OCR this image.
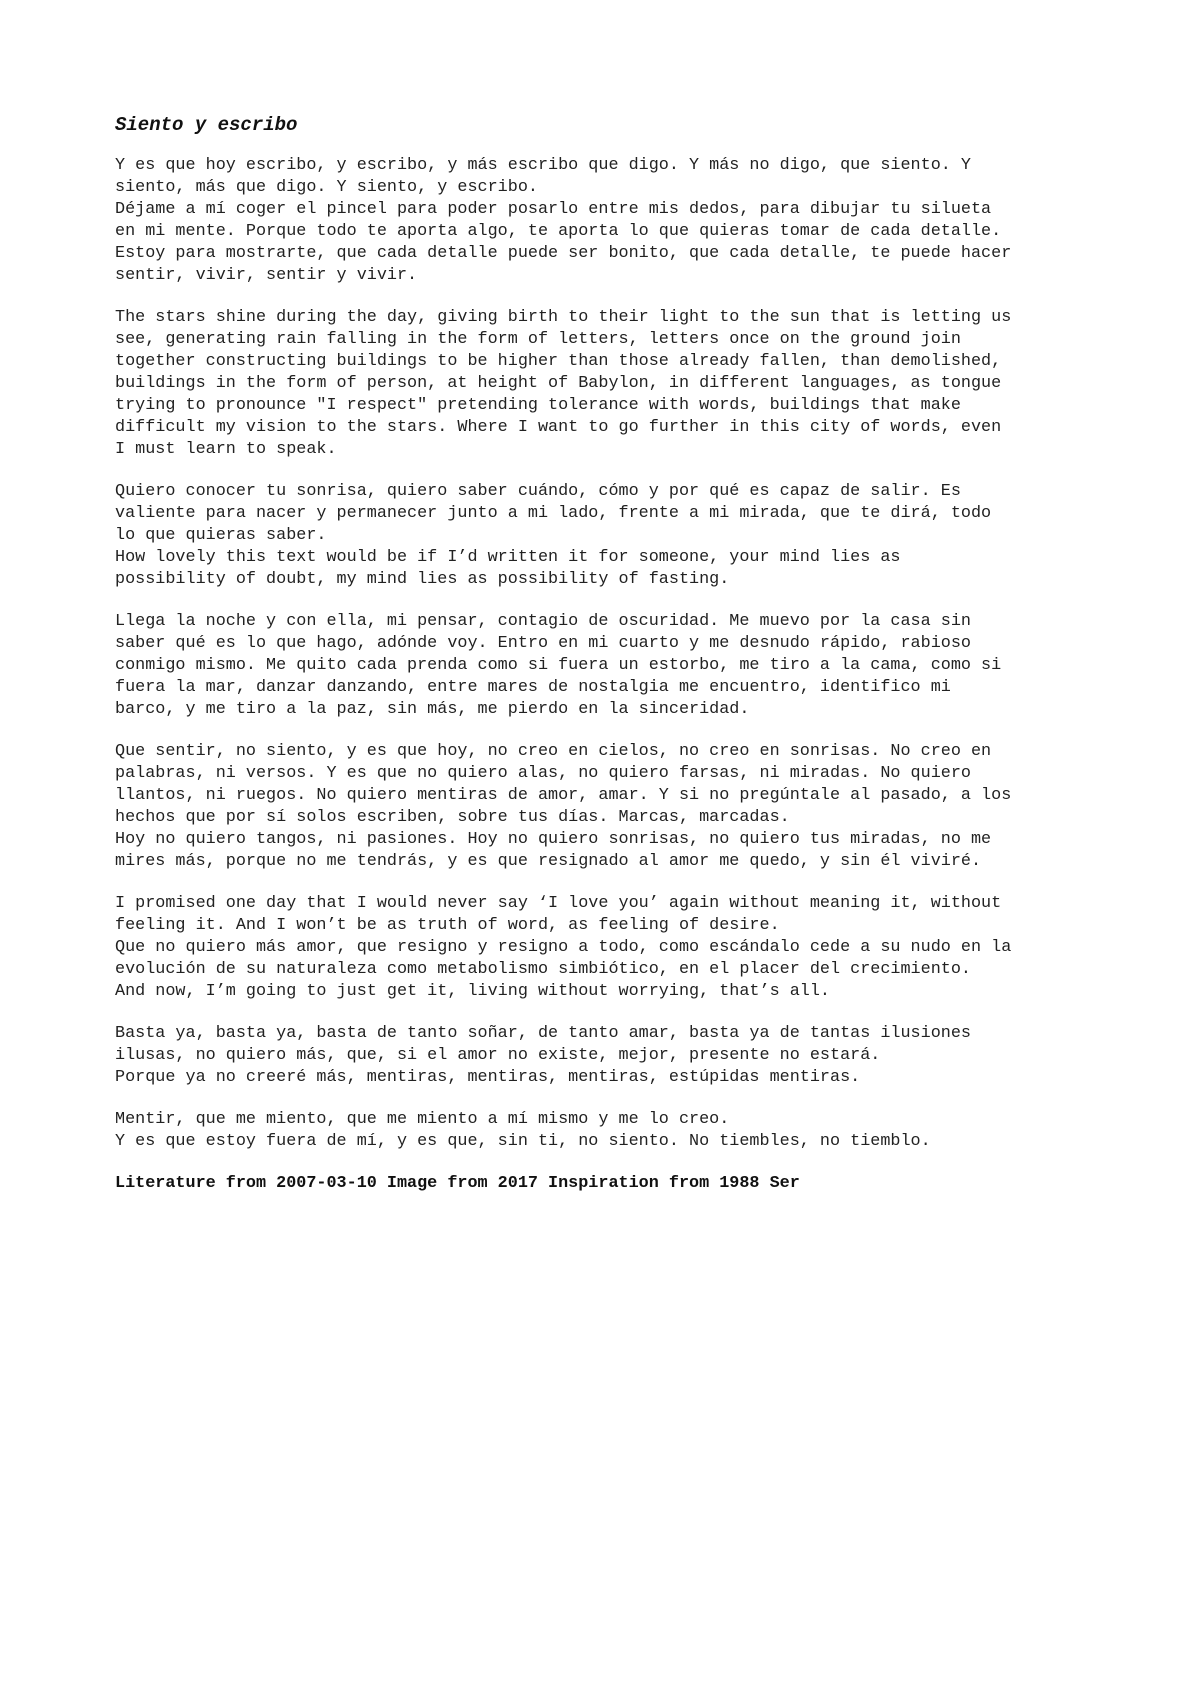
Siento y escribo
Y es que hoy escribo, y escribo, y más escribo que digo. Y más no digo, que siento. Y
siento, más que digo. Y siento, y escribo.
Déjame a mí coger el pincel para poder posarlo entre mis dedos, para dibujar tu silueta
en mi mente. Porque todo te aporta algo, te aporta lo que quieras tomar de cada detalle.
Estoy para mostrarte, que cada detalle puede ser bonito, que cada detalle, te puede hacer
sentir, vivir, sentir y vivir.
The stars shine during the day, giving birth to their light to the sun that is letting us
see, generating rain falling in the form of letters, letters once on the ground join
together constructing buildings to be higher than those already fallen, than demolished,
buildings in the form of person, at height of Babylon, in different languages, as tongue
trying to pronounce "I respect" pretending tolerance with words, buildings that make
difficult my vision to the stars. Where I want to go further in this city of words, even
I must learn to speak.
Quiero conocer tu sonrisa, quiero saber cuándo, cómo y por qué es capaz de salir. Es
valiente para nacer y permanecer junto a mi lado, frente a mi mirada, que te dirá, todo
lo que quieras saber.
How lovely this text would be if I’d written it for someone, your mind lies as
possibility of doubt, my mind lies as possibility of fasting.
Llega la noche y con ella, mi pensar, contagio de oscuridad. Me muevo por la casa sin
saber qué es lo que hago, adónde voy. Entro en mi cuarto y me desnudo rápido, rabioso
conmigo mismo. Me quito cada prenda como si fuera un estorbo, me tiro a la cama, como si
fuera la mar, danzar danzando, entre mares de nostalgia me encuentro, identifico mi
barco, y me tiro a la paz, sin más, me pierdo en la sinceridad.
Que sentir, no siento, y es que hoy, no creo en cielos, no creo en sonrisas. No creo en
palabras, ni versos. Y es que no quiero alas, no quiero farsas, ni miradas. No quiero
llantos, ni ruegos. No quiero mentiras de amor, amar. Y si no pregúntale al pasado, a los
hechos que por sí solos escriben, sobre tus días. Marcas, marcadas.
Hoy no quiero tangos, ni pasiones. Hoy no quiero sonrisas, no quiero tus miradas, no me
mires más, porque no me tendrás, y es que resignado al amor me quedo, y sin él viviré.
I promised one day that I would never say ‘I love you’ again without meaning it, without
feeling it. And I won’t be as truth of word, as feeling of desire.
Que no quiero más amor, que resigno y resigno a todo, como escándalo cede a su nudo en la
evolución de su naturaleza como metabolismo simbiótico, en el placer del crecimiento.
And now, I’m going to just get it, living without worrying, that’s all.
Basta ya, basta ya, basta de tanto soñar, de tanto amar, basta ya de tantas ilusiones
ilusas, no quiero más, que, si el amor no existe, mejor, presente no estará.
Porque ya no creeré más, mentiras, mentiras, mentiras, estúpidas mentiras.
Mentir, que me miento, que me miento a mí mismo y me lo creo.
Y es que estoy fuera de mí, y es que, sin ti, no siento. No tiembles, no tiemblo.
Literature from 2007-03-10 Image from 2017 Inspiration from 1988 Ser
